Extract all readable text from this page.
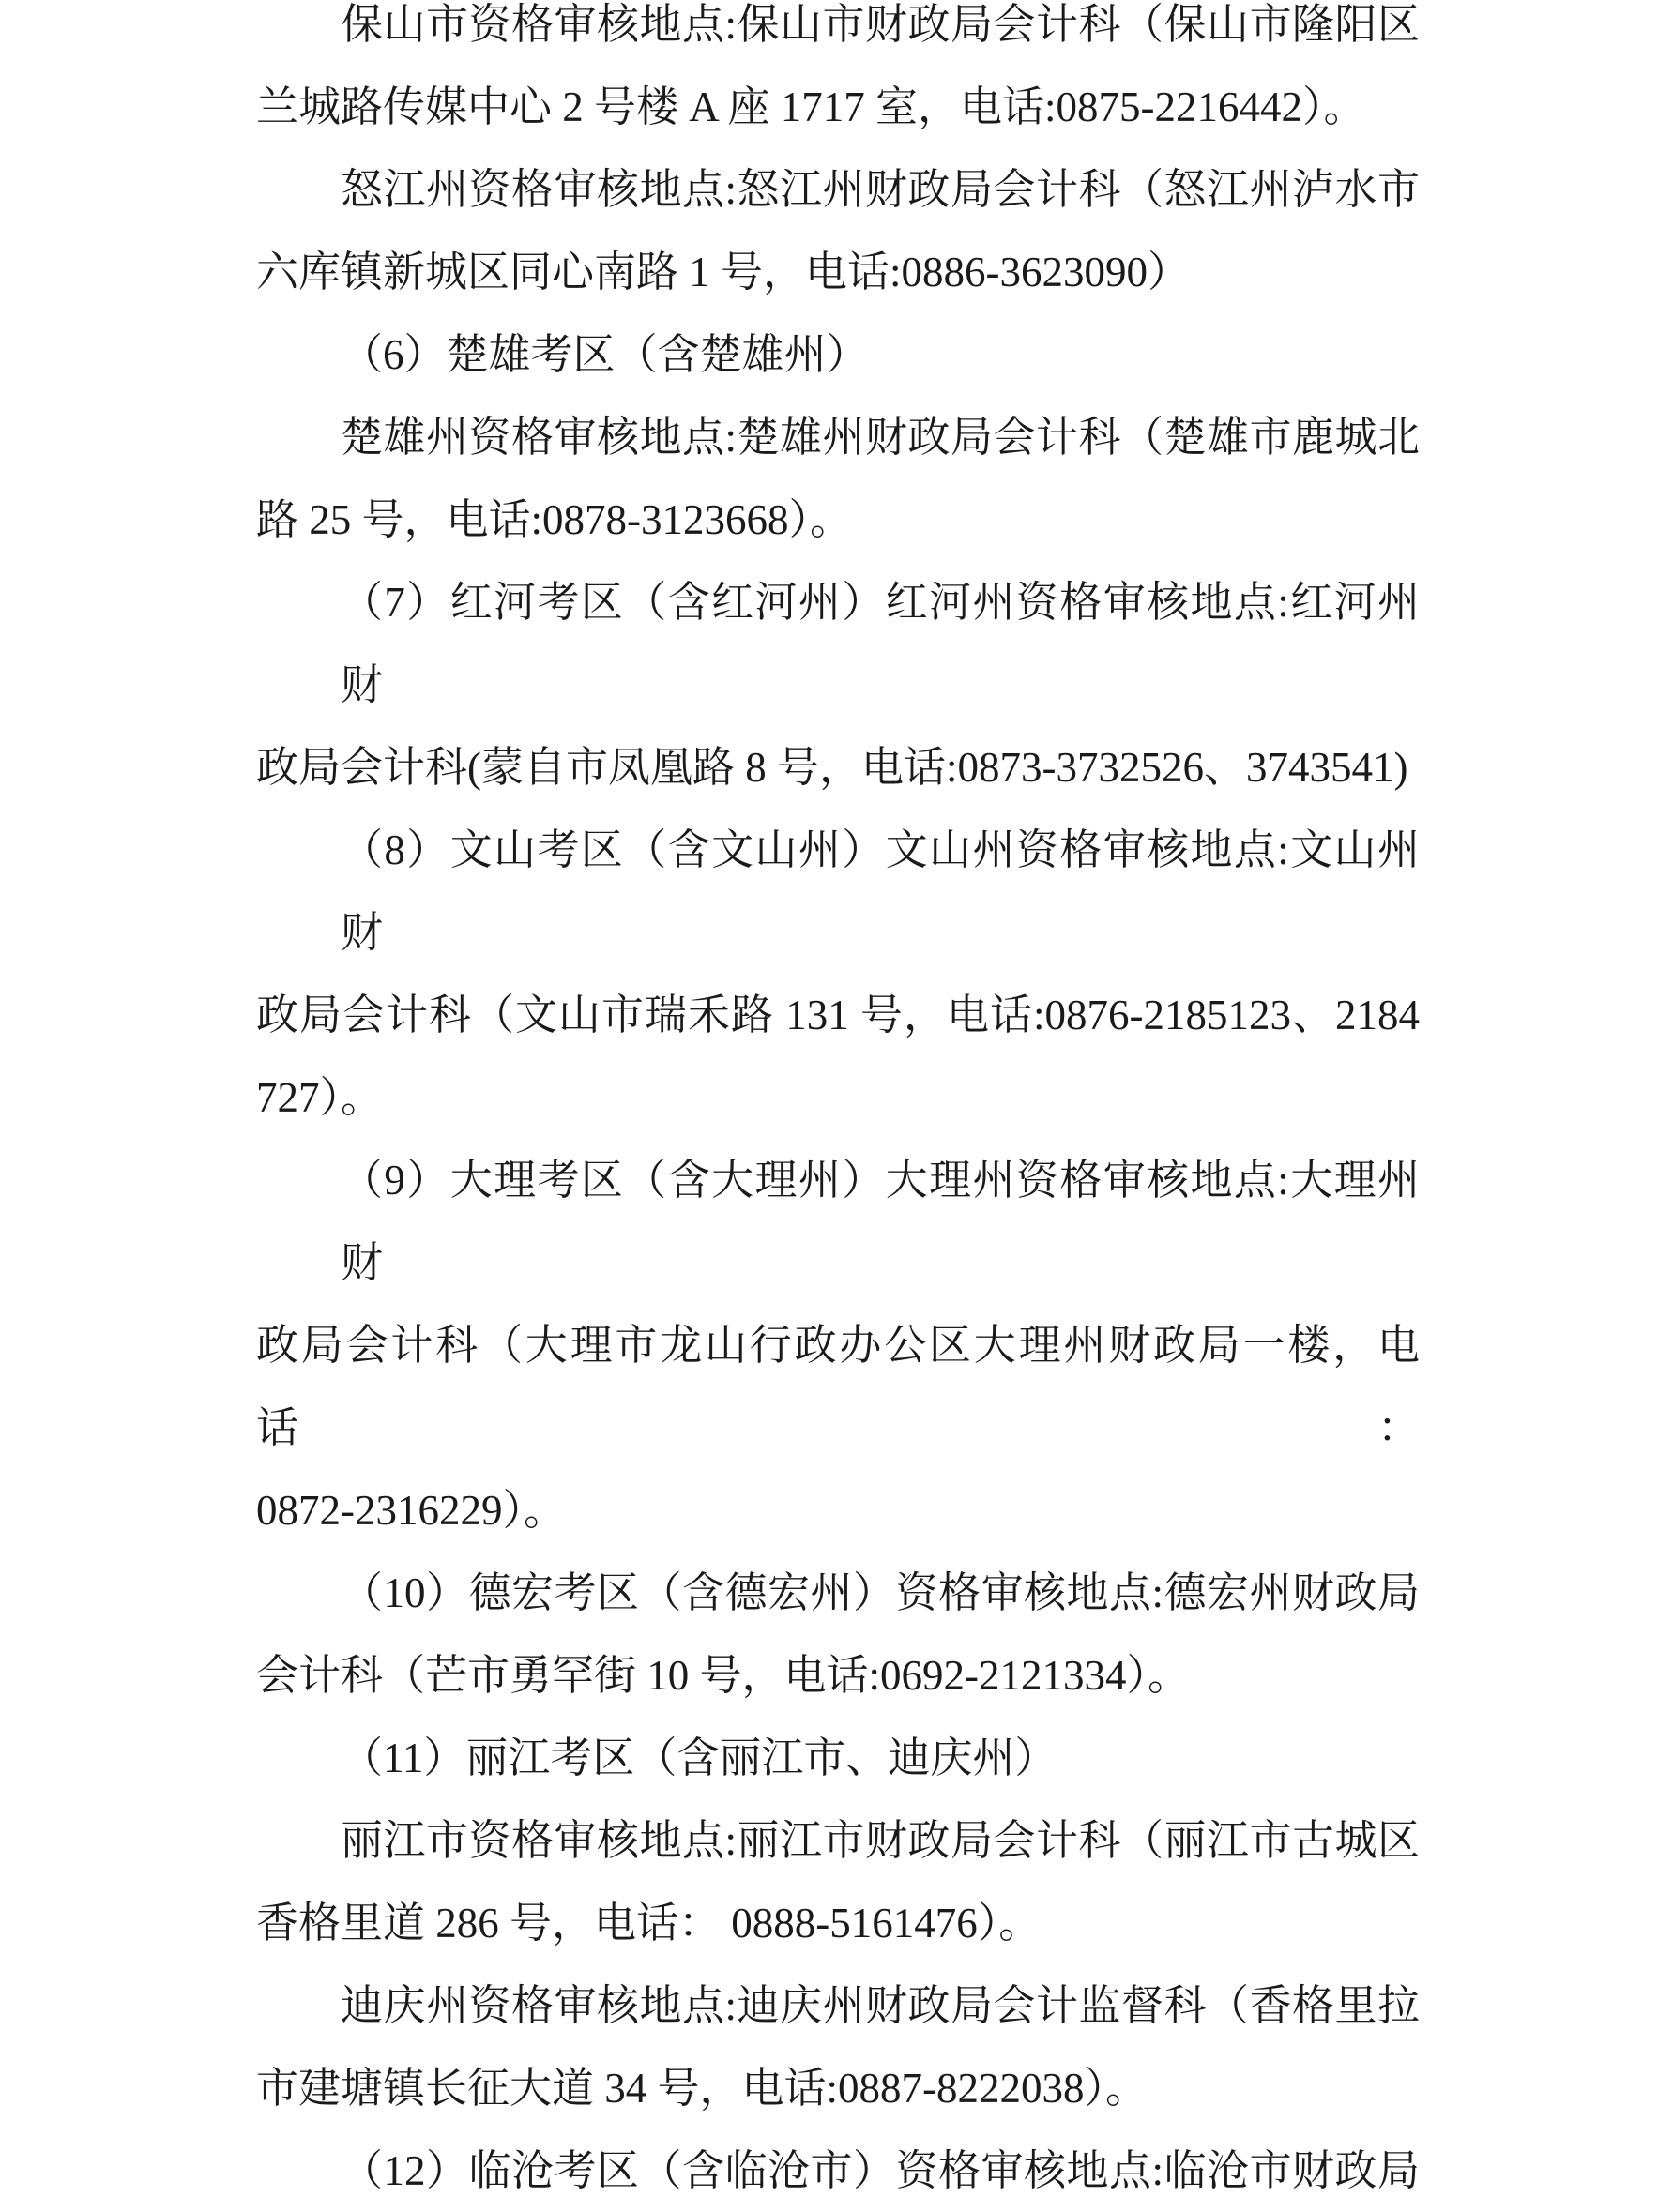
保山市资格审核地点:保山市财政局会计科（保山市隆阳区
兰城路传媒中心 2 号楼 A 座 1717 室，电话:0875-2216442）。
怒江州资格审核地点:怒江州财政局会计科（怒江州泸水市
六库镇新城区同心南路 1 号，电话:0886-3623090）
（6）楚雄考区（含楚雄州）
楚雄州资格审核地点:楚雄州财政局会计科（楚雄市鹿城北
路 25 号，电话:0878-3123668）。
（7）红河考区（含红河州）红河州资格审核地点:红河州财
政局会计科(蒙自市凤凰路 8 号，电话:0873-3732526、3743541)
（8）文山考区（含文山州）文山州资格审核地点:文山州财
政局会计科（文山市瑞禾路 131 号，电话:0876-2185123、2184
727）。
（9）大理考区（含大理州）大理州资格审核地点:大理州财
政局会计科（大理市龙山行政办公区大理州财政局一楼，电话：
0872-2316229）。
（10）德宏考区（含德宏州）资格审核地点:德宏州财政局
会计科（芒市勇罕街 10 号，电话:0692-2121334）。
（11）丽江考区（含丽江市、迪庆州）
丽江市资格审核地点:丽江市财政局会计科（丽江市古城区
香格里道 286 号，电话： 0888-5161476）。
迪庆州资格审核地点:迪庆州财政局会计监督科（香格里拉
市建塘镇长征大道 34 号，电话:0887-8222038）。
（12）临沧考区（含临沧市）资格审核地点:临沧市财政局
